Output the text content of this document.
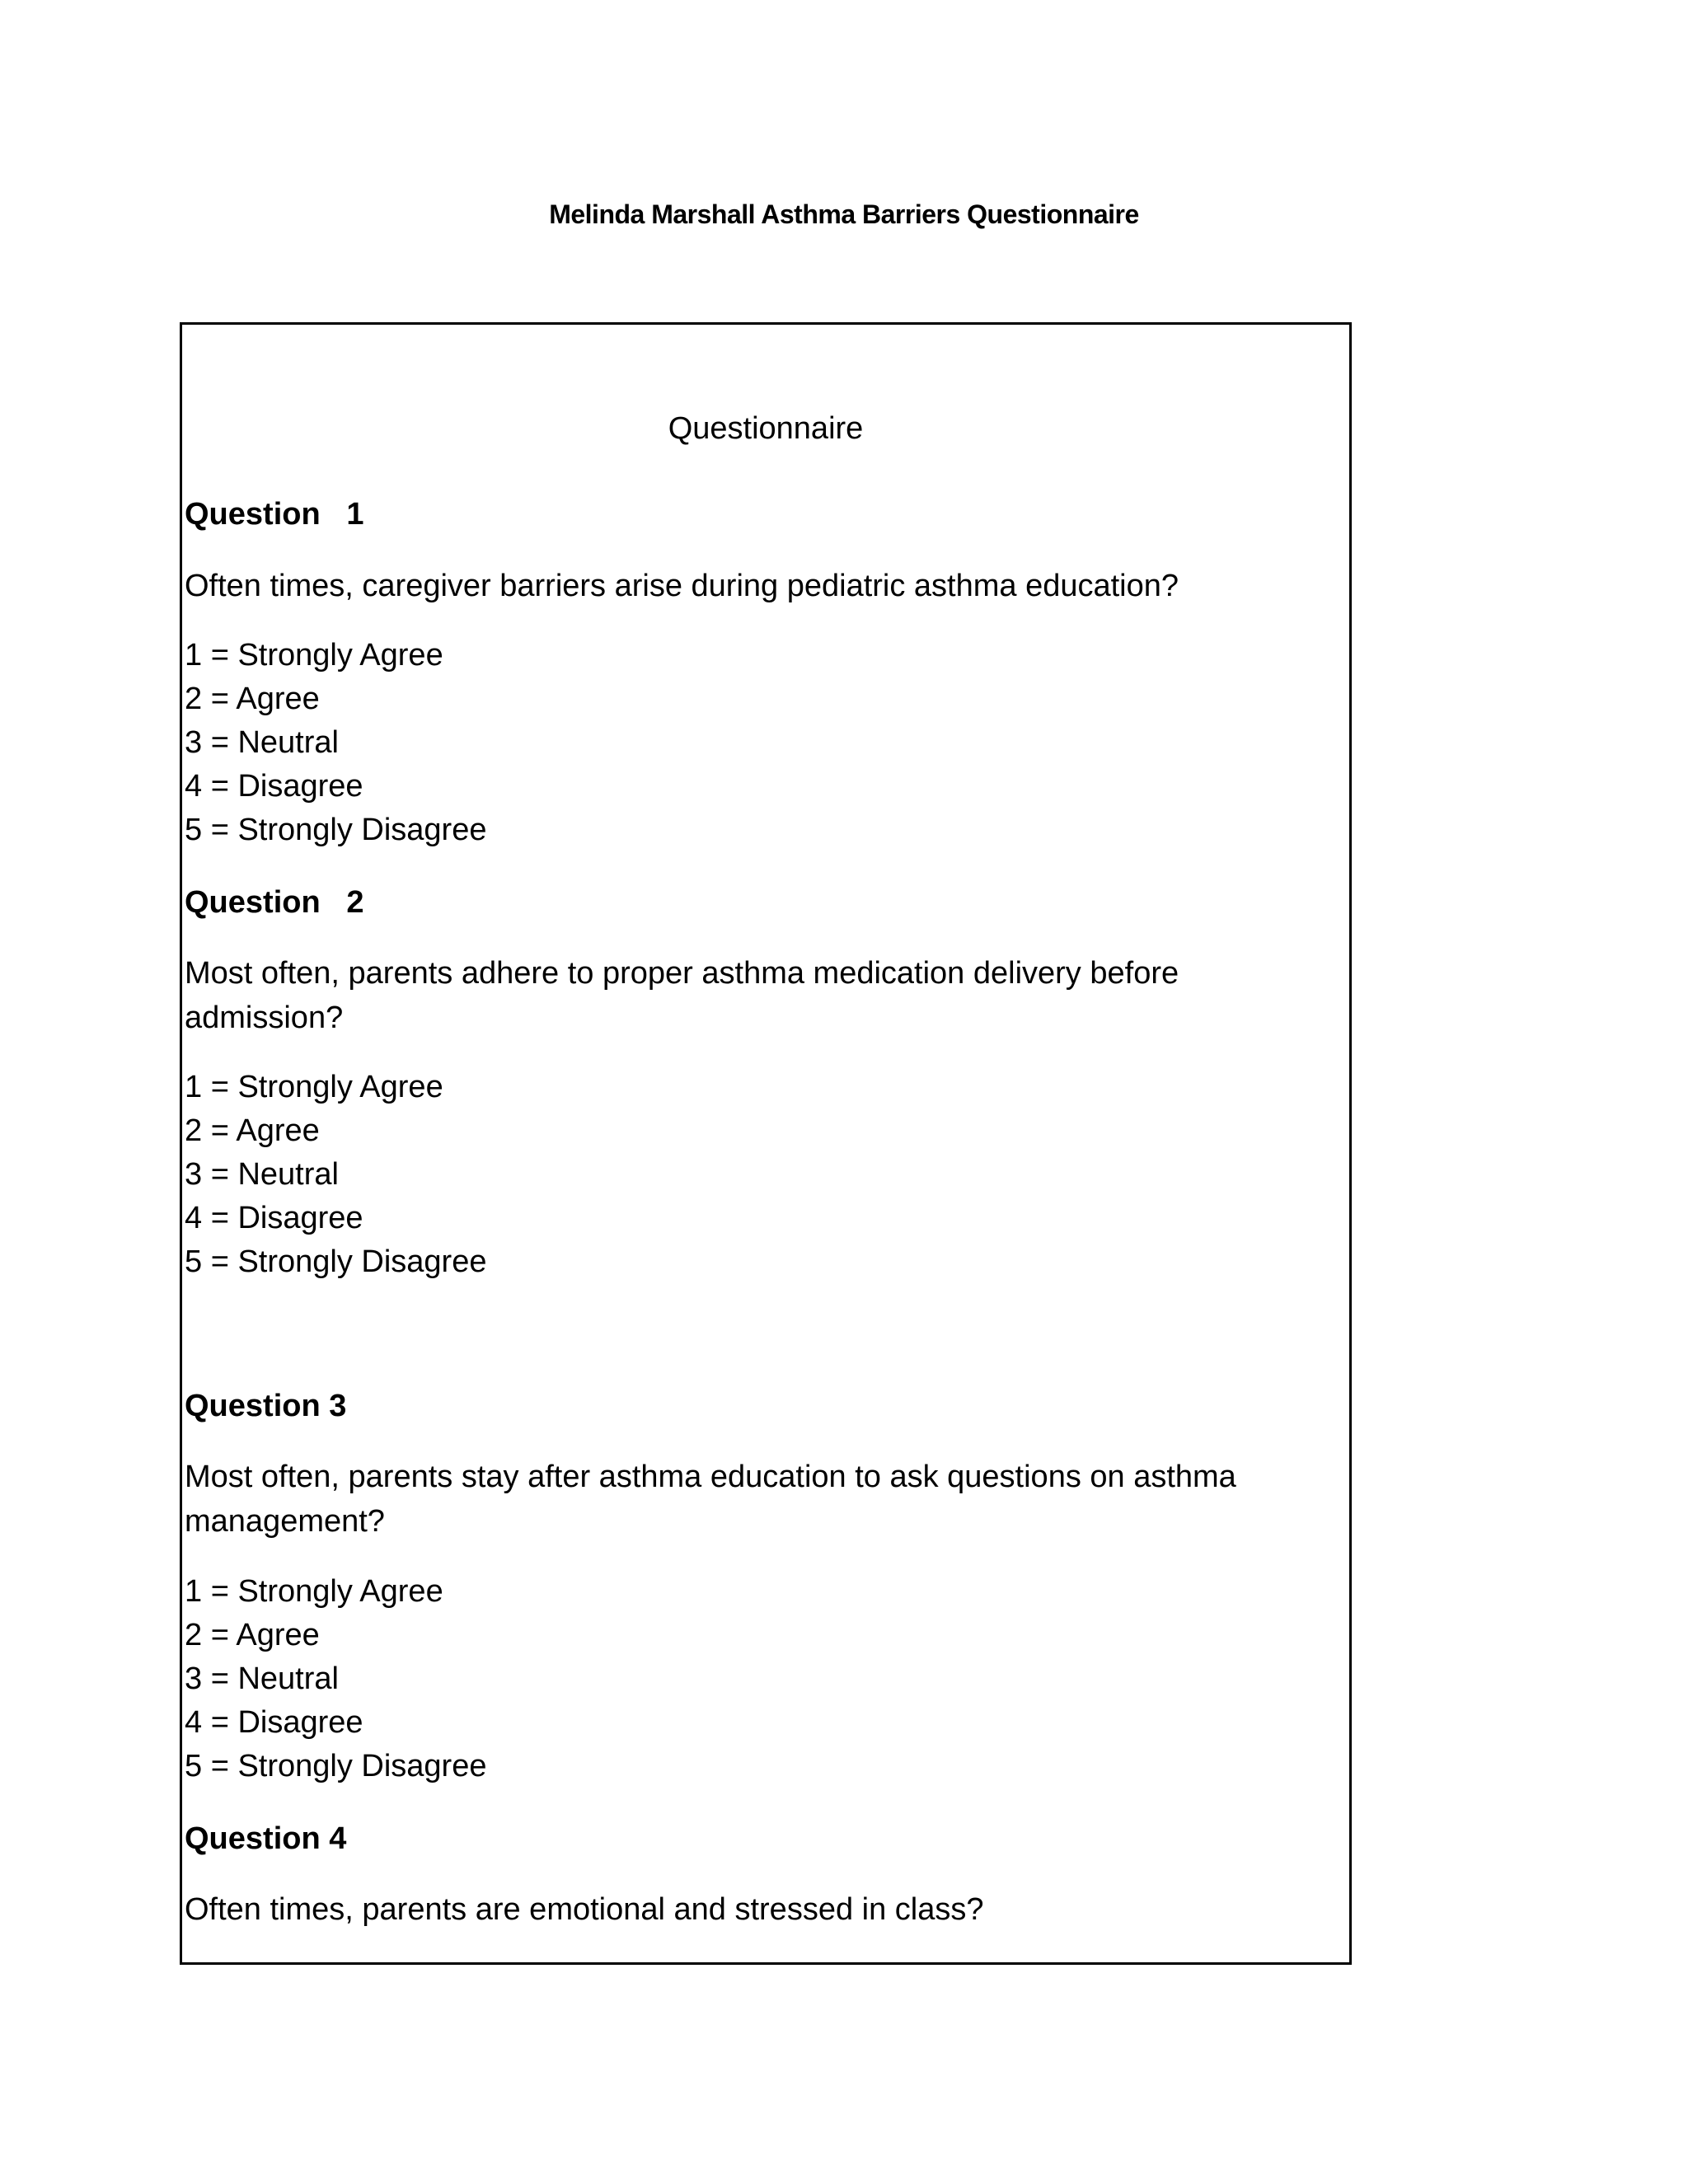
Melinda Marshall Asthma Barriers Questionnaire
Questionnaire
Question   1
Often times, caregiver barriers arise during pediatric asthma education?
1 = Strongly Agree
2 = Agree
3 = Neutral
4 = Disagree
5 = Strongly Disagree
Question   2
Most often, parents adhere to proper asthma medication delivery before admission?
1 = Strongly Agree
2 = Agree
3 = Neutral
4 = Disagree
5 = Strongly Disagree
Question 3
Most often, parents stay after asthma education to ask questions on asthma management?
1 = Strongly Agree
2 = Agree
3 = Neutral
4 = Disagree
5 = Strongly Disagree
Question 4
Often times, parents are emotional and stressed in class?
